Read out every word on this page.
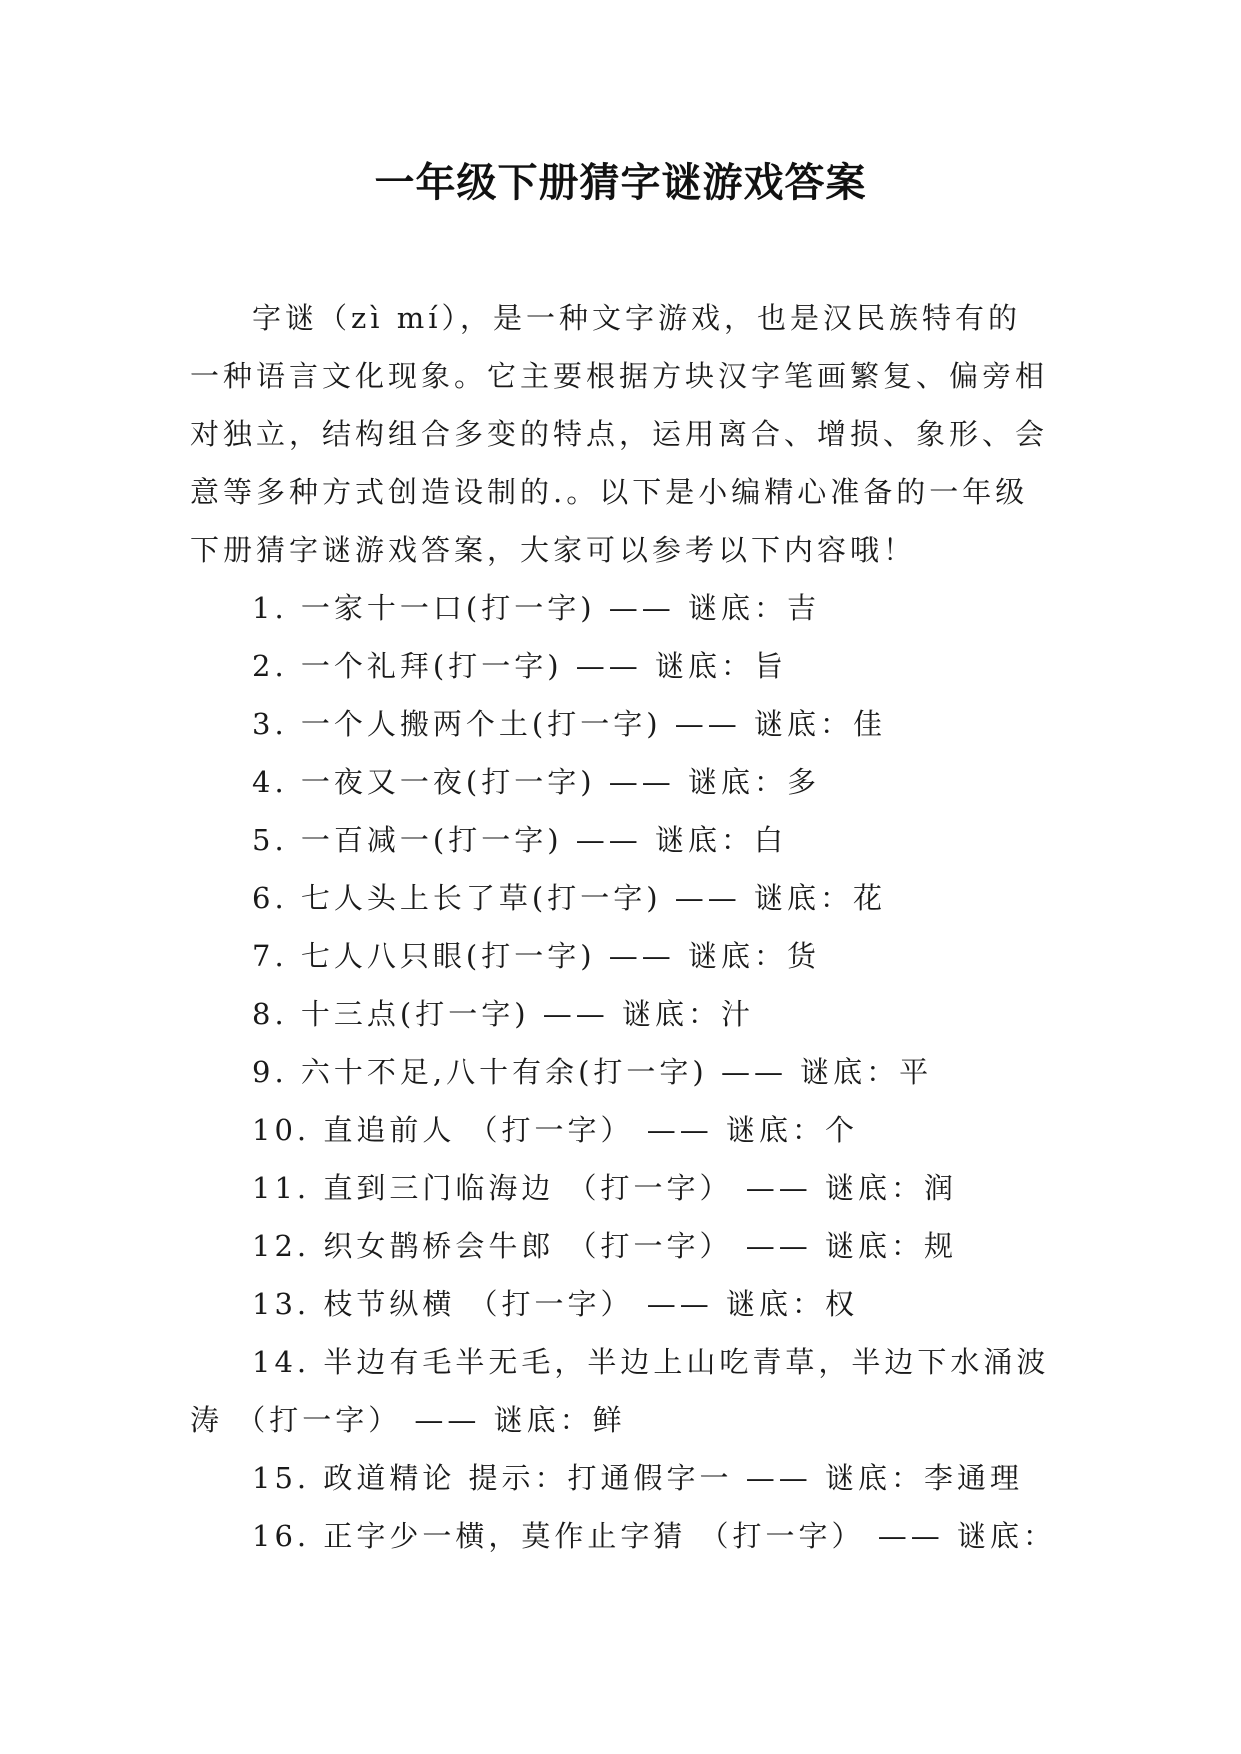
一年级下册猜字谜游戏答案
字谜（zì mí），是一种文字游戏，也是汉民族特有的
一种语言文化现象。它主要根据方块汉字笔画繁复、偏旁相
对独立，结构组合多变的特点，运用离合、增损、象形、会
意等多种方式创造设制的.。以下是小编精心准备的一年级
下册猜字谜游戏答案，大家可以参考以下内容哦！
1. 一家十一口(打一字) —— 谜底：吉
2. 一个礼拜(打一字) —— 谜底：旨
3. 一个人搬两个土(打一字) —— 谜底：佳
4. 一夜又一夜(打一字) —— 谜底：多
5. 一百减一(打一字) —— 谜底：白
6. 七人头上长了草(打一字) —— 谜底：花
7. 七人八只眼(打一字) —— 谜底：货
8. 十三点(打一字) —— 谜底：汁
9. 六十不足,八十有余(打一字) —— 谜底：平
10. 直追前人 （打一字） —— 谜底：个
11. 直到三门临海边 （打一字） —— 谜底：润
12. 织女鹊桥会牛郎 （打一字） —— 谜底：规
13. 枝节纵横 （打一字） —— 谜底：权
14. 半边有毛半无毛，半边上山吃青草，半边下水涌波
涛 （打一字） —— 谜底：鲜
15. 政道精论 提示：打通假字一 —— 谜底：李通理
16. 正字少一横，莫作止字猜 （打一字） —— 谜底：
